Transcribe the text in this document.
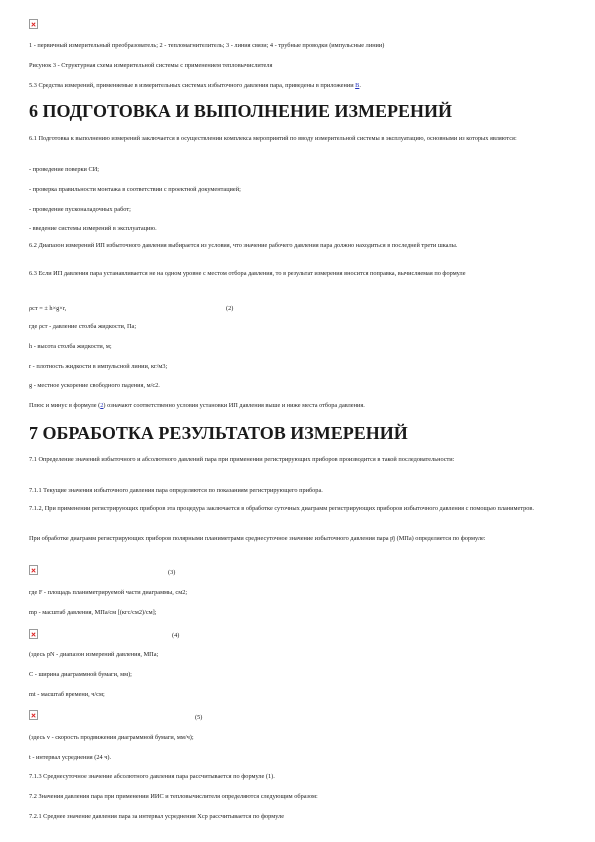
1 - первичный измерительный преобразователь; 2 - тепломагнителитель; 3 - линия связи; 4 - трубные проводки (импульсные линии)
Рисунок 3 - Структурная схема измерительной системы с применением тепловычислителя
5.3 Средства измерений, применяемые в измерительных системах избыточного давления пара, приведены в приложении В.
6 ПОДГОТОВКА И ВЫПОЛНЕНИЕ ИЗМЕРЕНИЙ
6.1 Подготовка к выполнению измерений заключается в осуществлении комплекса мероприятий по вводу измерительной системы в эксплуатацию, основными из которых являются:
- проведение поверки СИ;
- проверка правильности монтажа в соответствии с проектной документацией;
- проведение пусконаладочных работ;
- введение системы измерений в эксплуатацию.
6.2 Диапазон измерений ИП избыточного давления выбирается из условия, что значение рабочего давления пара должно находиться в последней трети шкалы.
6.3 Если ИП давления пара устанавливается не на одном уровне с местом отбора давления, то в результат измерения вносится поправка, вычисляемая по формуле
ρст = ± h×g×r,	(2)
где ρст - давление столба жидкости, Па;
h - высота столба жидкости, м;
r - плотность жидкости в импульсной линии, кг/м3;
g - местное ускорение свободного падения, м/с2.
Плюс и минус в формуле (2) означают соответственно условия установки ИП давления выше и ниже места отбора давления.
7 ОБРАБОТКА РЕЗУЛЬТАТОВ ИЗМЕРЕНИЙ
7.1 Определение значений избыточного и абсолютного давлений пара при применении регистрирующих приборов производится в такой последовательности:
7.1.1 Текущие значения избыточного давления пара определяются по показаниям регистрирующего прибора.
7.1.2, При применении регистрирующих приборов эта процедура заключается в обработке суточных диаграмм регистрирующих приборов избыточного давления с помощью планиметров.
При обработке диаграмм регистрирующих приборов полярными планиметрами среднесуточное значение избыточного давления пара р̄j (МПа) определяется по формуле:
(3)
где F - площадь планиметрируемой части диаграммы, см2;
mp - масштаб давления, МПа/см [(кгс/см2)/см];
(4)
(здесь pN - диапазон измерений давления, МПа;
C - ширина диаграммной бумаги, мм);
mt - масштаб времени, ч/см;
(5)
(здесь v - скорость продвижения диаграммной бумаги, мм/ч);
t - интервал усреднения (24 ч).
7.1.3 Среднесуточное значение абсолютного давления пара рассчитывается по формуле (1).
7.2 Значения давления пара при применении ИИС и тепловычислителя определяются следующим образом:
7.2.1 Среднее значение давления пара за интервал усреднения Хср рассчитывается по формуле
